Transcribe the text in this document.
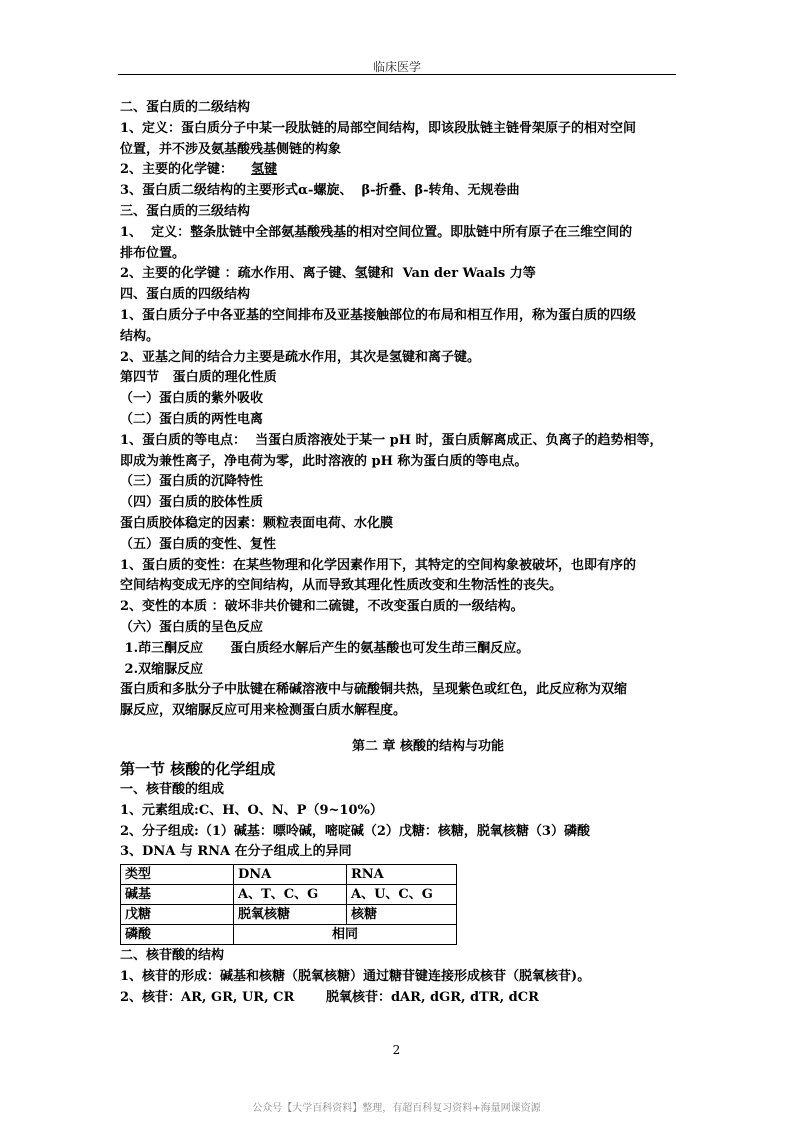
临床医学
二、蛋白质的二级结构
1、定义：蛋白质分子中某一段肽链的局部空间结构，即该段肽链主链骨架原子的相对空间
位置，并不涉及氨基酸残基侧链的构象
2、主要的化学键： 氢键
3、蛋白质二级结构的主要形式α-螺旋、  β-折叠、β-转角、无规卷曲
三、蛋白质的三级结构
1、  定义：整条肽链中全部氨基酸残基的相对空间位置。即肽链中所有原子在三维空间的
排布位置。
2、主要的化学键 ：疏水作用、离子键、氢键和  Van der Waals 力等
四、蛋白质的四级结构
1、蛋白质分子中各亚基的空间排布及亚基接触部位的布局和相互作用，称为蛋白质的四级
结构。
2、亚基之间的结合力主要是疏水作用，其次是氢键和离子键。
第四节   蛋白质的理化性质
（一）蛋白质的紫外吸收
（二）蛋白质的两性电离
1、蛋白质的等电点：  当蛋白质溶液处于某一 pH 时，蛋白质解离成正、负离子的趋势相等，
即成为兼性离子，净电荷为零，此时溶液的 pH 称为蛋白质的等电点。
（三）蛋白质的沉降特性
（四）蛋白质的胶体性质
蛋白质胶体稳定的因素：颗粒表面电荷、水化膜
（五）蛋白质的变性、复性
1、蛋白质的变性：在某些物理和化学因素作用下，其特定的空间构象被破坏，也即有序的
空间结构变成无序的空间结构，从而导致其理化性质改变和生物活性的丧失。
2、变性的本质 ：破坏非共价键和二硫键，不改变蛋白质的一级结构。
（六）蛋白质的呈色反应
1.茚三酮反应      蛋白质经水解后产生的氨基酸也可发生茚三酮反应。
2.双缩脲反应
蛋白质和多肽分子中肽键在稀碱溶液中与硫酸铜共热，呈现紫色或红色，此反应称为双缩
脲反应，双缩脲反应可用来检测蛋白质水解程度。
第二 章 核酸的结构与功能
第一节 核酸的化学组成
一、核苷酸的组成
1、元素组成:C、H、O、N、P（9~10%）
2、分子组成:（1）碱基：嘌呤碱，嘧啶碱（2）戊糖：核糖，脱氧核糖（3）磷酸
3、DNA 与 RNA 在分子组成上的异同
类型	DNA	RNA
碱基	A、T、C、G	A、U、C、G
戊糖	脱氧核糖	核糖
磷酸	相同	
二、核苷酸的结构
1、核苷的形成：碱基和核糖（脱氧核糖）通过糖苷键连接形成核苷（脱氧核苷)。
2、核苷：AR, GR, UR, CR       脱氧核苷：dAR, dGR, dTR, dCR
2
公众号【大学百科资料】整理，有超百科复习资料+海量网课资源
